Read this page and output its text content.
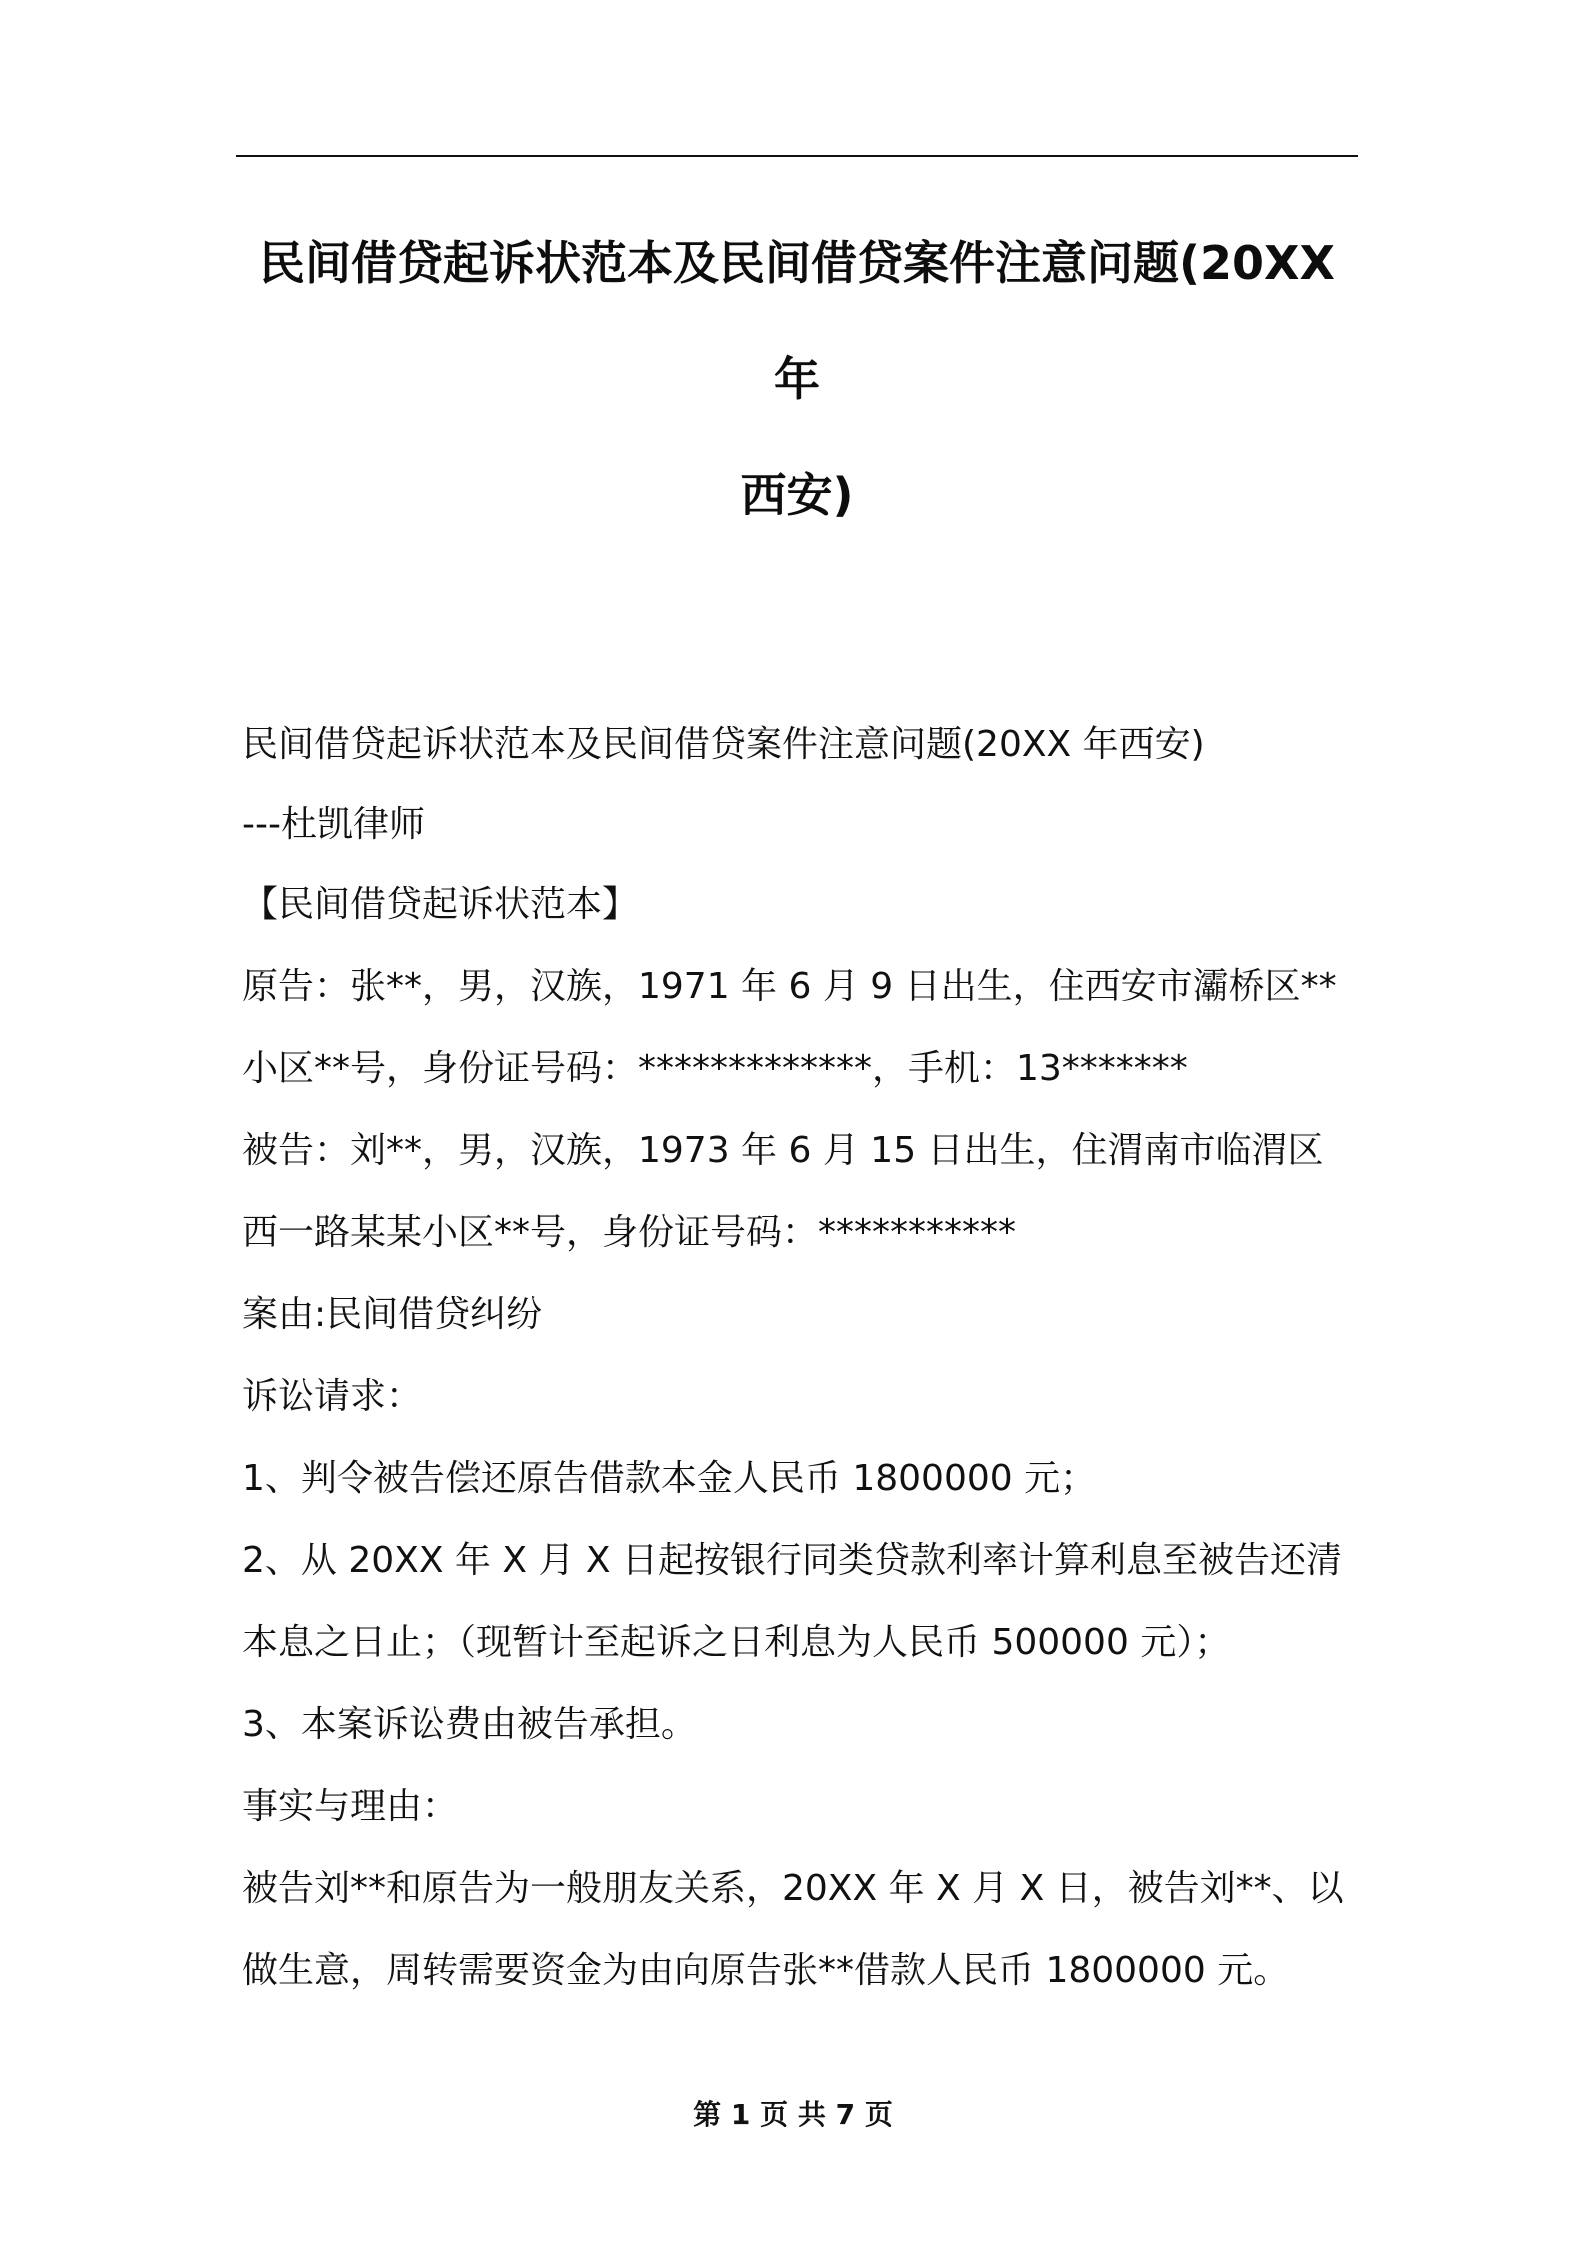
民间借贷起诉状范本及民间借贷案件注意问题(20XX 年
西安)

民间借贷起诉状范本及民间借贷案件注意问题(20XX 年西安)

---杜凯律师

【民间借贷起诉状范本】

原告：张**，男，汉族，1971 年 6 月 9 日出生，住西安市灞桥区**

小区**号，身份证号码：*************，手机：13*******

被告：刘**，男，汉族，1973 年 6 月 15 日出生，住渭南市临渭区

西一路某某小区**号，身份证号码：***********

案由:民间借贷纠纷

诉讼请求：

1、判令被告偿还原告借款本金人民币 1800000 元；

2、从 20XX 年 X 月 X 日起按银行同类贷款利率计算利息至被告还清

本息之日止；（现暂计至起诉之日利息为人民币 500000 元）；

3、本案诉讼费由被告承担。

事实与理由：

被告刘**和原告为一般朋友关系，20XX 年 X 月 X 日，被告刘**、以

做生意，周转需要资金为由向原告张**借款人民币 1800000 元。

第 1 页 共 7 页
